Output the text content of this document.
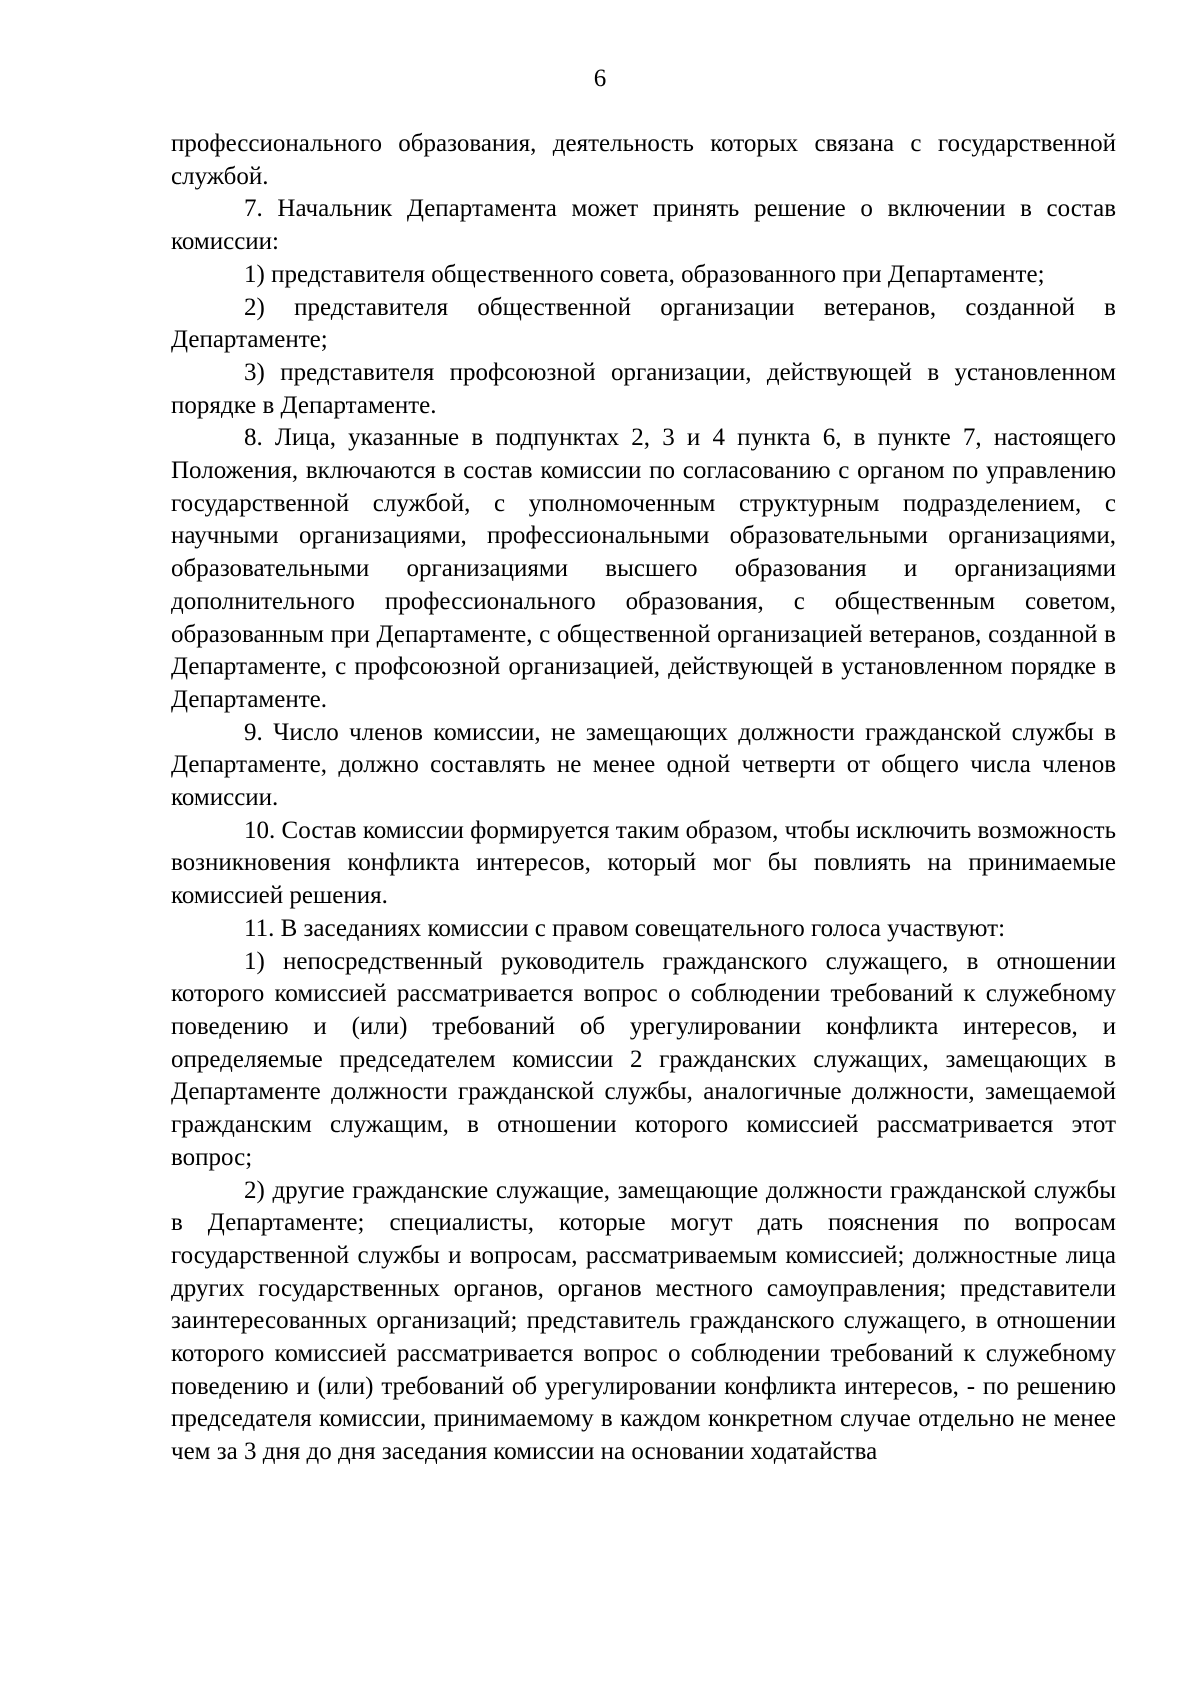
6

профессионального образования, деятельность которых связана с государственной службой.

7. Начальник Департамента может принять решение о включении в состав комиссии:

1) представителя общественного совета, образованного при Департаменте;

2) представителя общественной организации ветеранов, созданной в Департаменте;

3) представителя профсоюзной организации, действующей в установленном порядке в Департаменте.

8. Лица, указанные в подпунктах 2, 3 и 4 пункта 6, в пункте 7, настоящего Положения, включаются в состав комиссии по согласованию с органом по управлению государственной службой, с уполномоченным структурным подразделением, с научными организациями, профессиональными образовательными организациями, образовательными организациями высшего образования и организациями дополнительного профессионального образования, с общественным советом, образованным при Департаменте, с общественной организацией ветеранов, созданной в Департаменте, с профсоюзной организацией, действующей в установленном порядке в Департаменте.

9. Число членов комиссии, не замещающих должности гражданской службы в Департаменте, должно составлять не менее одной четверти от общего числа членов комиссии.

10. Состав комиссии формируется таким образом, чтобы исключить возможность возникновения конфликта интересов, который мог бы повлиять на принимаемые комиссией решения.

11. В заседаниях комиссии с правом совещательного голоса участвуют:

1) непосредственный руководитель гражданского служащего, в отношении которого комиссией рассматривается вопрос о соблюдении требований к служебному поведению и (или) требований об урегулировании конфликта интересов, и определяемые председателем комиссии 2 гражданских служащих, замещающих в Департаменте должности гражданской службы, аналогичные должности, замещаемой гражданским служащим, в отношении которого комиссией рассматривается этот вопрос;

2) другие гражданские служащие, замещающие должности гражданской службы в Департаменте; специалисты, которые могут дать пояснения по вопросам государственной службы и вопросам, рассматриваемым комиссией; должностные лица других государственных органов, органов местного самоуправления; представители заинтересованных организаций; представитель гражданского служащего, в отношении которого комиссией рассматривается вопрос о соблюдении требований к служебному поведению и (или) требований об урегулировании конфликта интересов, - по решению председателя комиссии, принимаемому в каждом конкретном случае отдельно не менее чем за 3 дня до дня заседания комиссии на основании ходатайства
